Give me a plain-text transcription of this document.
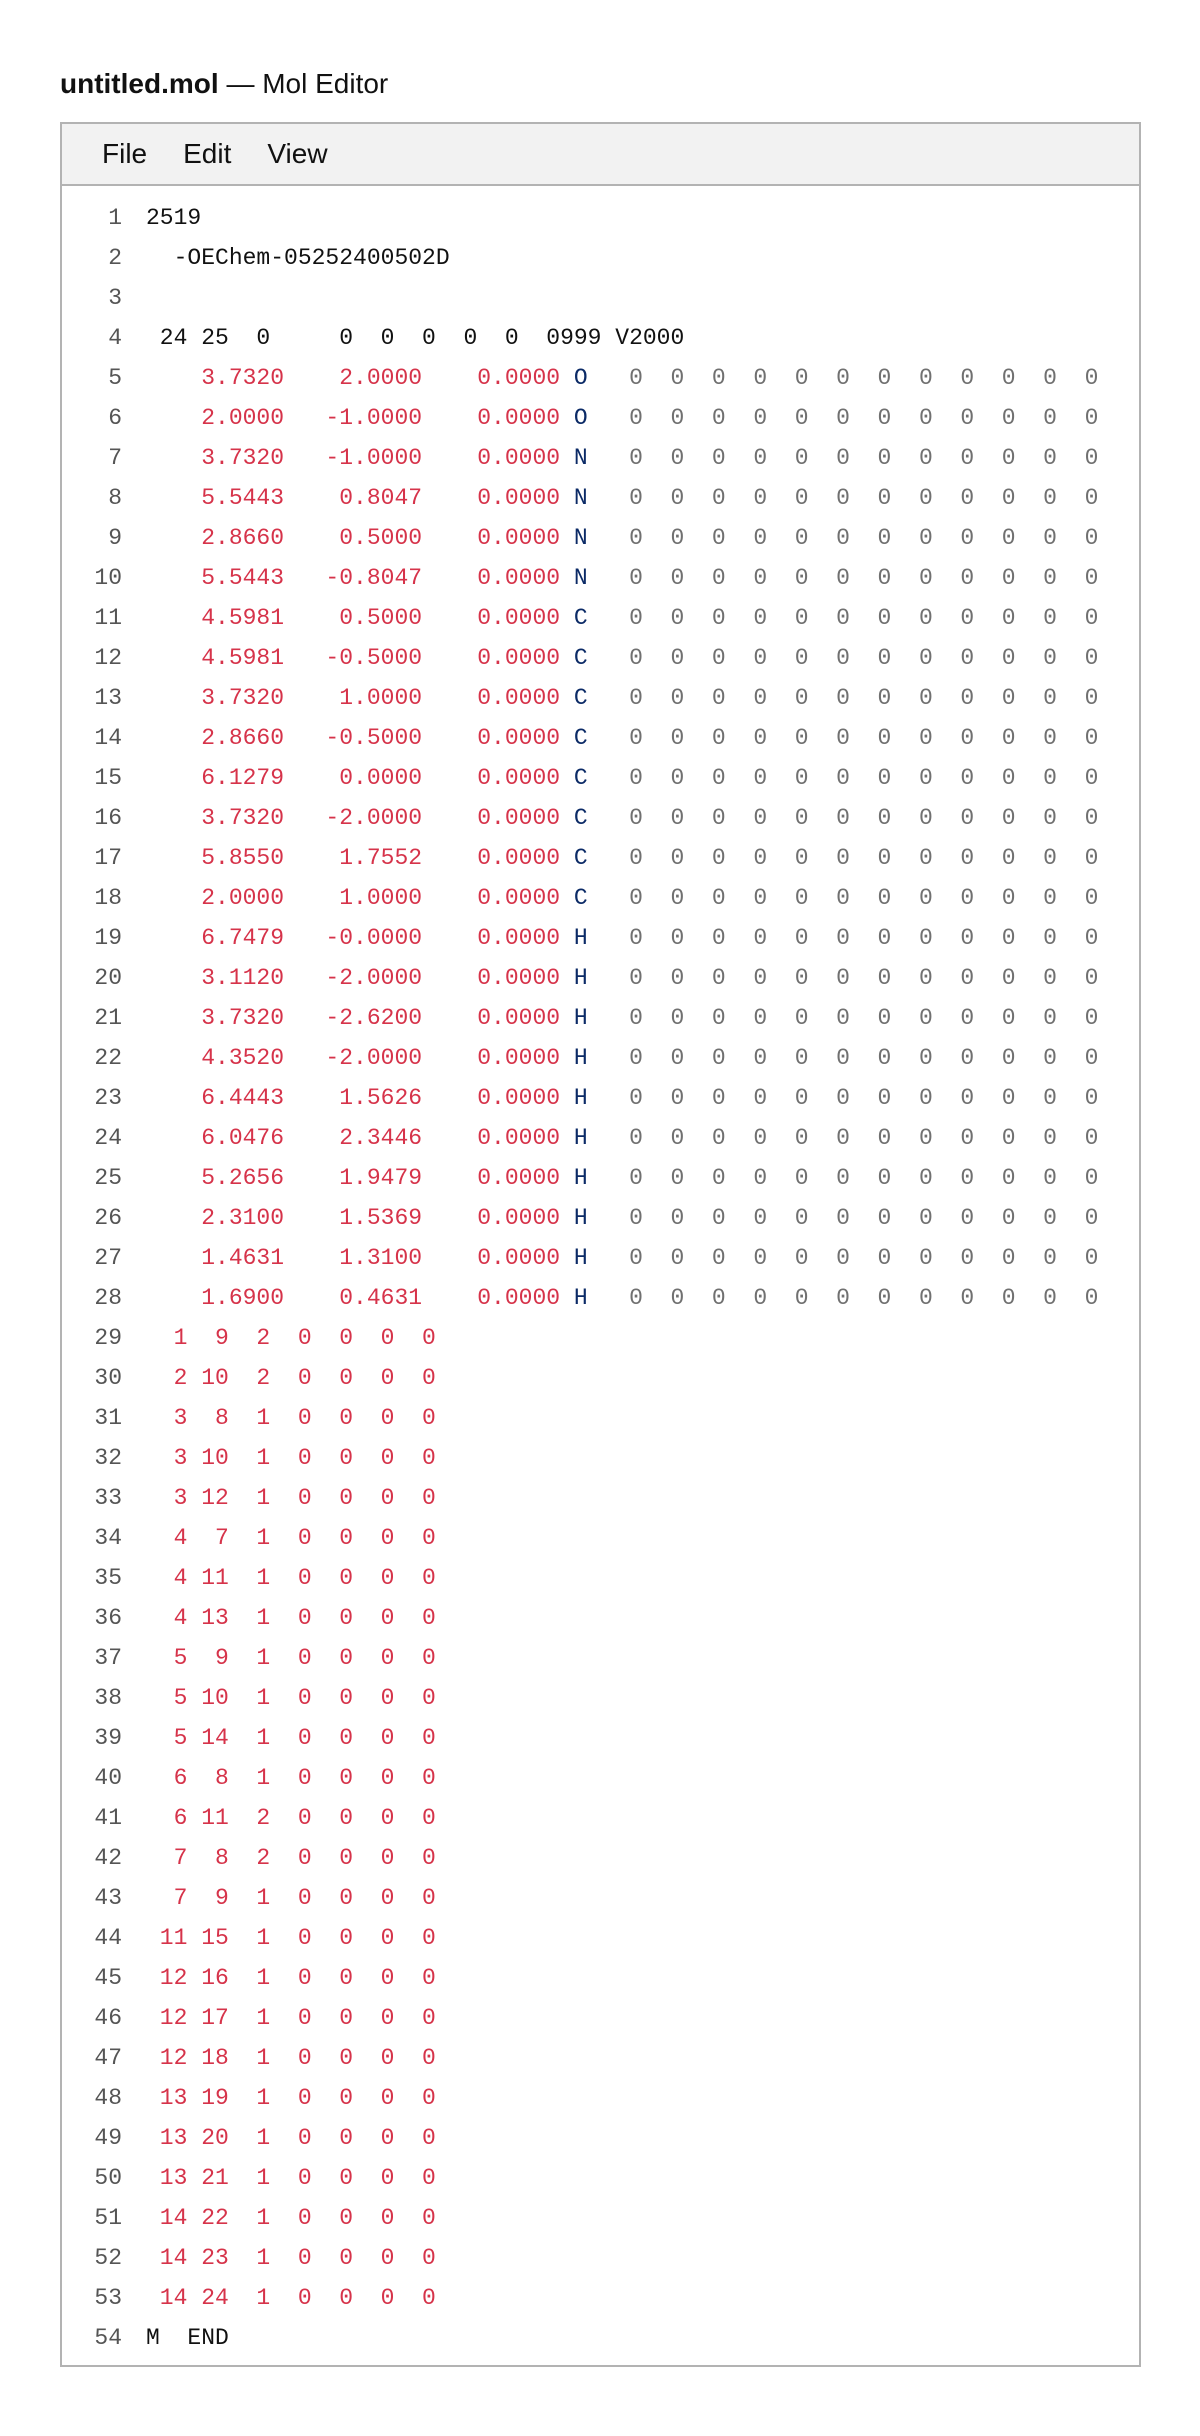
untitled.mol — Mol Editor
File	Edit	View
1 2519
2 -OEChem-05252400502D
3
4 24 25  0     0  0  0  0  0  0999 V2000
5 3.7320    2.0000    0.0000 O 0  0  0  0  0  0  0  0  0  0  0  0
6 2.0000   -1.0000    0.0000 O 0  0  0  0  0  0  0  0  0  0  0  0
7 3.7320   -1.0000    0.0000 N 0  0  0  0  0  0  0  0  0  0  0  0
8 5.5443    0.8047    0.0000 N 0  0  0  0  0  0  0  0  0  0  0  0
9 2.8660    0.5000    0.0000 N 0  0  0  0  0  0  0  0  0  0  0  0
10 5.5443   -0.8047    0.0000 N 0  0  0  0  0  0  0  0  0  0  0  0
11 4.5981    0.5000    0.0000 C 0  0  0  0  0  0  0  0  0  0  0  0
12 4.5981   -0.5000    0.0000 C 0  0  0  0  0  0  0  0  0  0  0  0
13 3.7320    1.0000    0.0000 C 0  0  0  0  0  0  0  0  0  0  0  0
14 2.8660   -0.5000    0.0000 C 0  0  0  0  0  0  0  0  0  0  0  0
15 6.1279    0.0000    0.0000 C 0  0  0  0  0  0  0  0  0  0  0  0
16 3.7320   -2.0000    0.0000 C 0  0  0  0  0  0  0  0  0  0  0  0
17 5.8550    1.7552    0.0000 C 0  0  0  0  0  0  0  0  0  0  0  0
18 2.0000    1.0000    0.0000 C 0  0  0  0  0  0  0  0  0  0  0  0
19 6.7479   -0.0000    0.0000 H 0  0  0  0  0  0  0  0  0  0  0  0
20 3.1120   -2.0000    0.0000 H 0  0  0  0  0  0  0  0  0  0  0  0
21 3.7320   -2.6200    0.0000 H 0  0  0  0  0  0  0  0  0  0  0  0
22 4.3520   -2.0000    0.0000 H 0  0  0  0  0  0  0  0  0  0  0  0
23 6.4443    1.5626    0.0000 H 0  0  0  0  0  0  0  0  0  0  0  0
24 6.0476    2.3446    0.0000 H 0  0  0  0  0  0  0  0  0  0  0  0
25 5.2656    1.9479    0.0000 H 0  0  0  0  0  0  0  0  0  0  0  0
26 2.3100    1.5369    0.0000 H 0  0  0  0  0  0  0  0  0  0  0  0
27 1.4631    1.3100    0.0000 H 0  0  0  0  0  0  0  0  0  0  0  0
28 1.6900    0.4631    0.0000 H 0  0  0  0  0  0  0  0  0  0  0  0
29 1  9  2  0  0  0  0
30 2 10  2  0  0  0  0
31 3  8  1  0  0  0  0
32 3 10  1  0  0  0  0
33 3 12  1  0  0  0  0
34 4  7  1  0  0  0  0
35 4 11  1  0  0  0  0
36 4 13  1  0  0  0  0
37 5  9  1  0  0  0  0
38 5 10  1  0  0  0  0
39 5 14  1  0  0  0  0
40 6  8  1  0  0  0  0
41 6 11  2  0  0  0  0
42 7  8  2  0  0  0  0
43 7  9  1  0  0  0  0
44 11 15  1  0  0  0  0
45 12 16  1  0  0  0  0
46 12 17  1  0  0  0  0
47 12 18  1  0  0  0  0
48 13 19  1  0  0  0  0
49 13 20  1  0  0  0  0
50 13 21  1  0  0  0  0
51 14 22  1  0  0  0  0
52 14 23  1  0  0  0  0
53 14 24  1  0  0  0  0
54 M  END
